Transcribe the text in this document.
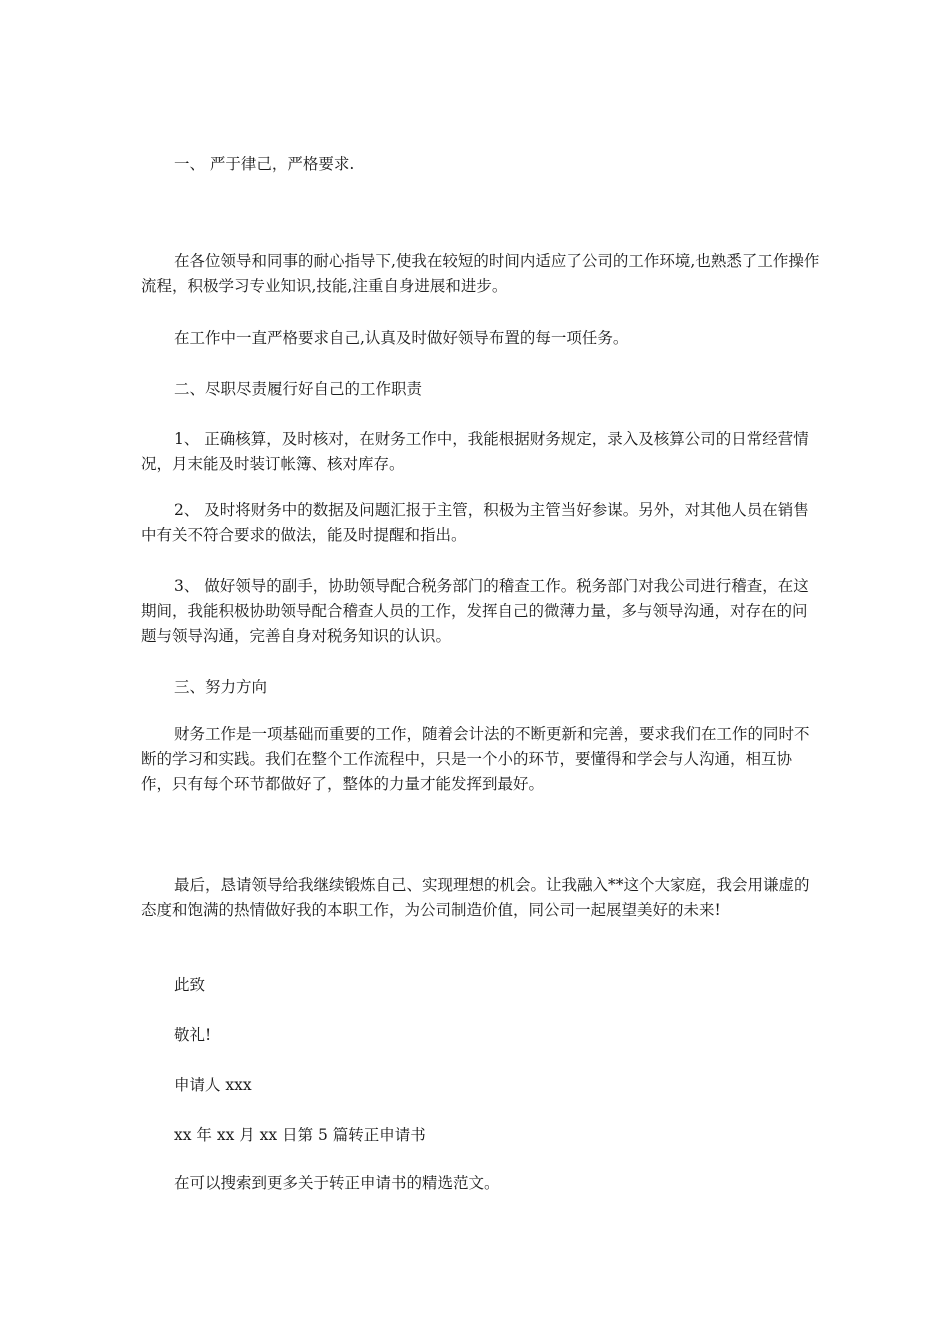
一、 严于律己，严格要求.
在各位领导和同事的耐心指导下,使我在较短的时间内适应了公司的工作环境,也熟悉了工作操作流程，积极学习专业知识,技能,注重自身进展和进步。
在工作中一直严格要求自己,认真及时做好领导布置的每一项任务。
二、尽职尽责履行好自己的工作职责
1、 正确核算，及时核对，在财务工作中，我能根据财务规定，录入及核算公司的日常经营情况，月末能及时装订帐簿、核对库存。
2、 及时将财务中的数据及问题汇报于主管，积极为主管当好参谋。另外，对其他人员在销售中有关不符合要求的做法，能及时提醒和指出。
3、 做好领导的副手，协助领导配合税务部门的稽查工作。税务部门对我公司进行稽查，在这期间，我能积极协助领导配合稽查人员的工作，发挥自己的微薄力量，多与领导沟通，对存在的问题与领导沟通，完善自身对税务知识的认识。
三、努力方向
财务工作是一项基础而重要的工作，随着会计法的不断更新和完善，要求我们在工作的同时不断的学习和实践。我们在整个工作流程中，只是一个小的环节，要懂得和学会与人沟通，相互协作，只有每个环节都做好了，整体的力量才能发挥到最好。
最后，恳请领导给我继续锻炼自己、实现理想的机会。让我融入**这个大家庭，我会用谦虚的态度和饱满的热情做好我的本职工作，为公司制造价值，同公司一起展望美好的未来!
此致
敬礼!
申请人 xxx
xx 年 xx 月 xx 日第 5 篇转正申请书
在可以搜索到更多关于转正申请书的精选范文。
